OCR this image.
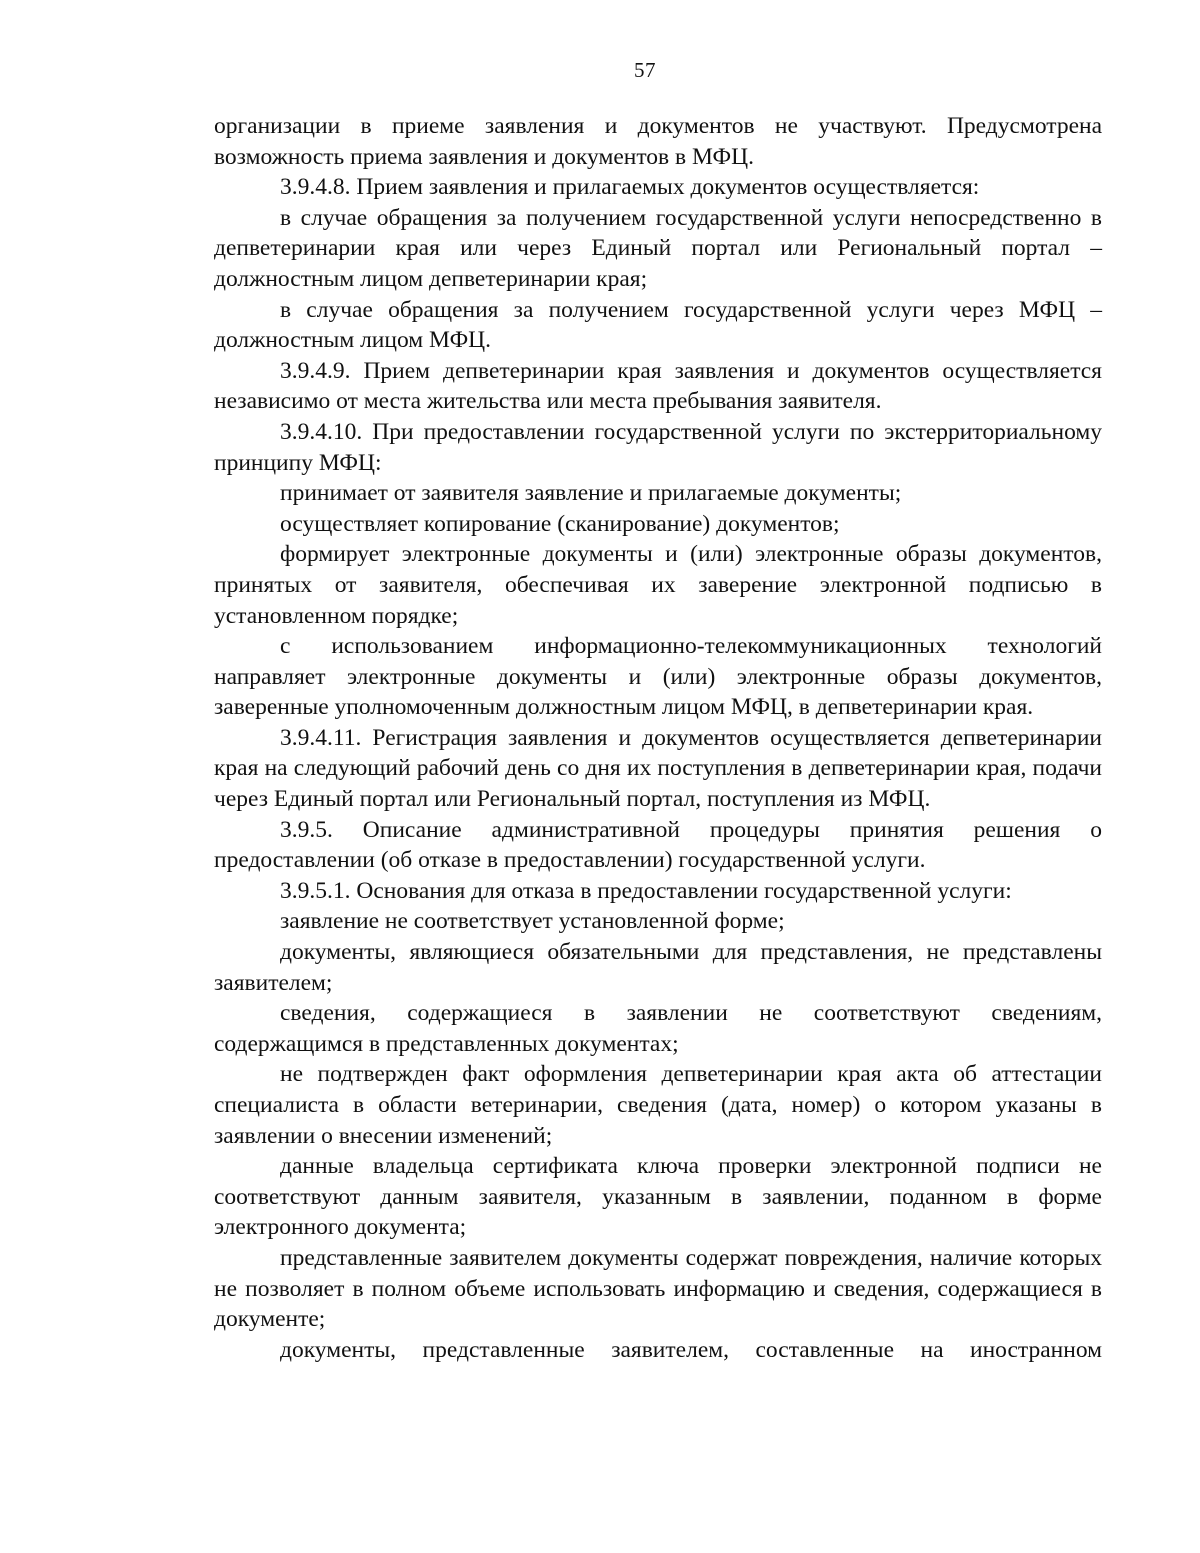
57

организации в приеме заявления и документов не участвуют. Предусмотрена возможность приема заявления и документов в МФЦ.

3.9.4.8. Прием заявления и прилагаемых документов осуществляется:

в случае обращения за получением государственной услуги непосредственно в депветеринарии края или через Единый портал или Региональный портал – должностным лицом депветеринарии края;

в случае обращения за получением государственной услуги через МФЦ – должностным лицом МФЦ.

3.9.4.9. Прием депветеринарии края заявления и документов осуществляется независимо от места жительства или места пребывания заявителя.

3.9.4.10. При предоставлении государственной услуги по экстерриториальному принципу МФЦ:

принимает от заявителя заявление и прилагаемые документы;

осуществляет копирование (сканирование) документов;

формирует электронные документы и (или) электронные образы документов, принятых от заявителя, обеспечивая их заверение электронной подписью в установленном порядке;

с использованием информационно-телекоммуникационных технологий направляет электронные документы и (или) электронные образы документов, заверенные уполномоченным должностным лицом МФЦ, в депветеринарии края.

3.9.4.11. Регистрация заявления и документов осуществляется депветеринарии края на следующий рабочий день со дня их поступления в депветеринарии края, подачи через Единый портал или Региональный портал, поступления из МФЦ.

3.9.5. Описание административной процедуры принятия решения о предоставлении (об отказе в предоставлении) государственной услуги.

3.9.5.1. Основания для отказа в предоставлении государственной услуги:

заявление не соответствует установленной форме;

документы, являющиеся обязательными для представления, не представлены заявителем;

сведения, содержащиеся в заявлении не соответствуют сведениям, содержащимся в представленных документах;

не подтвержден факт оформления депветеринарии края акта об аттестации специалиста в области ветеринарии, сведения (дата, номер) о котором указаны в заявлении о внесении изменений;

данные владельца сертификата ключа проверки электронной подписи не соответствуют данным заявителя, указанным в заявлении, поданном в форме электронного документа;

представленные заявителем документы содержат повреждения, наличие которых не позволяет в полном объеме использовать информацию и сведения, содержащиеся в документе;

документы, представленные заявителем, составленные на иностранном
